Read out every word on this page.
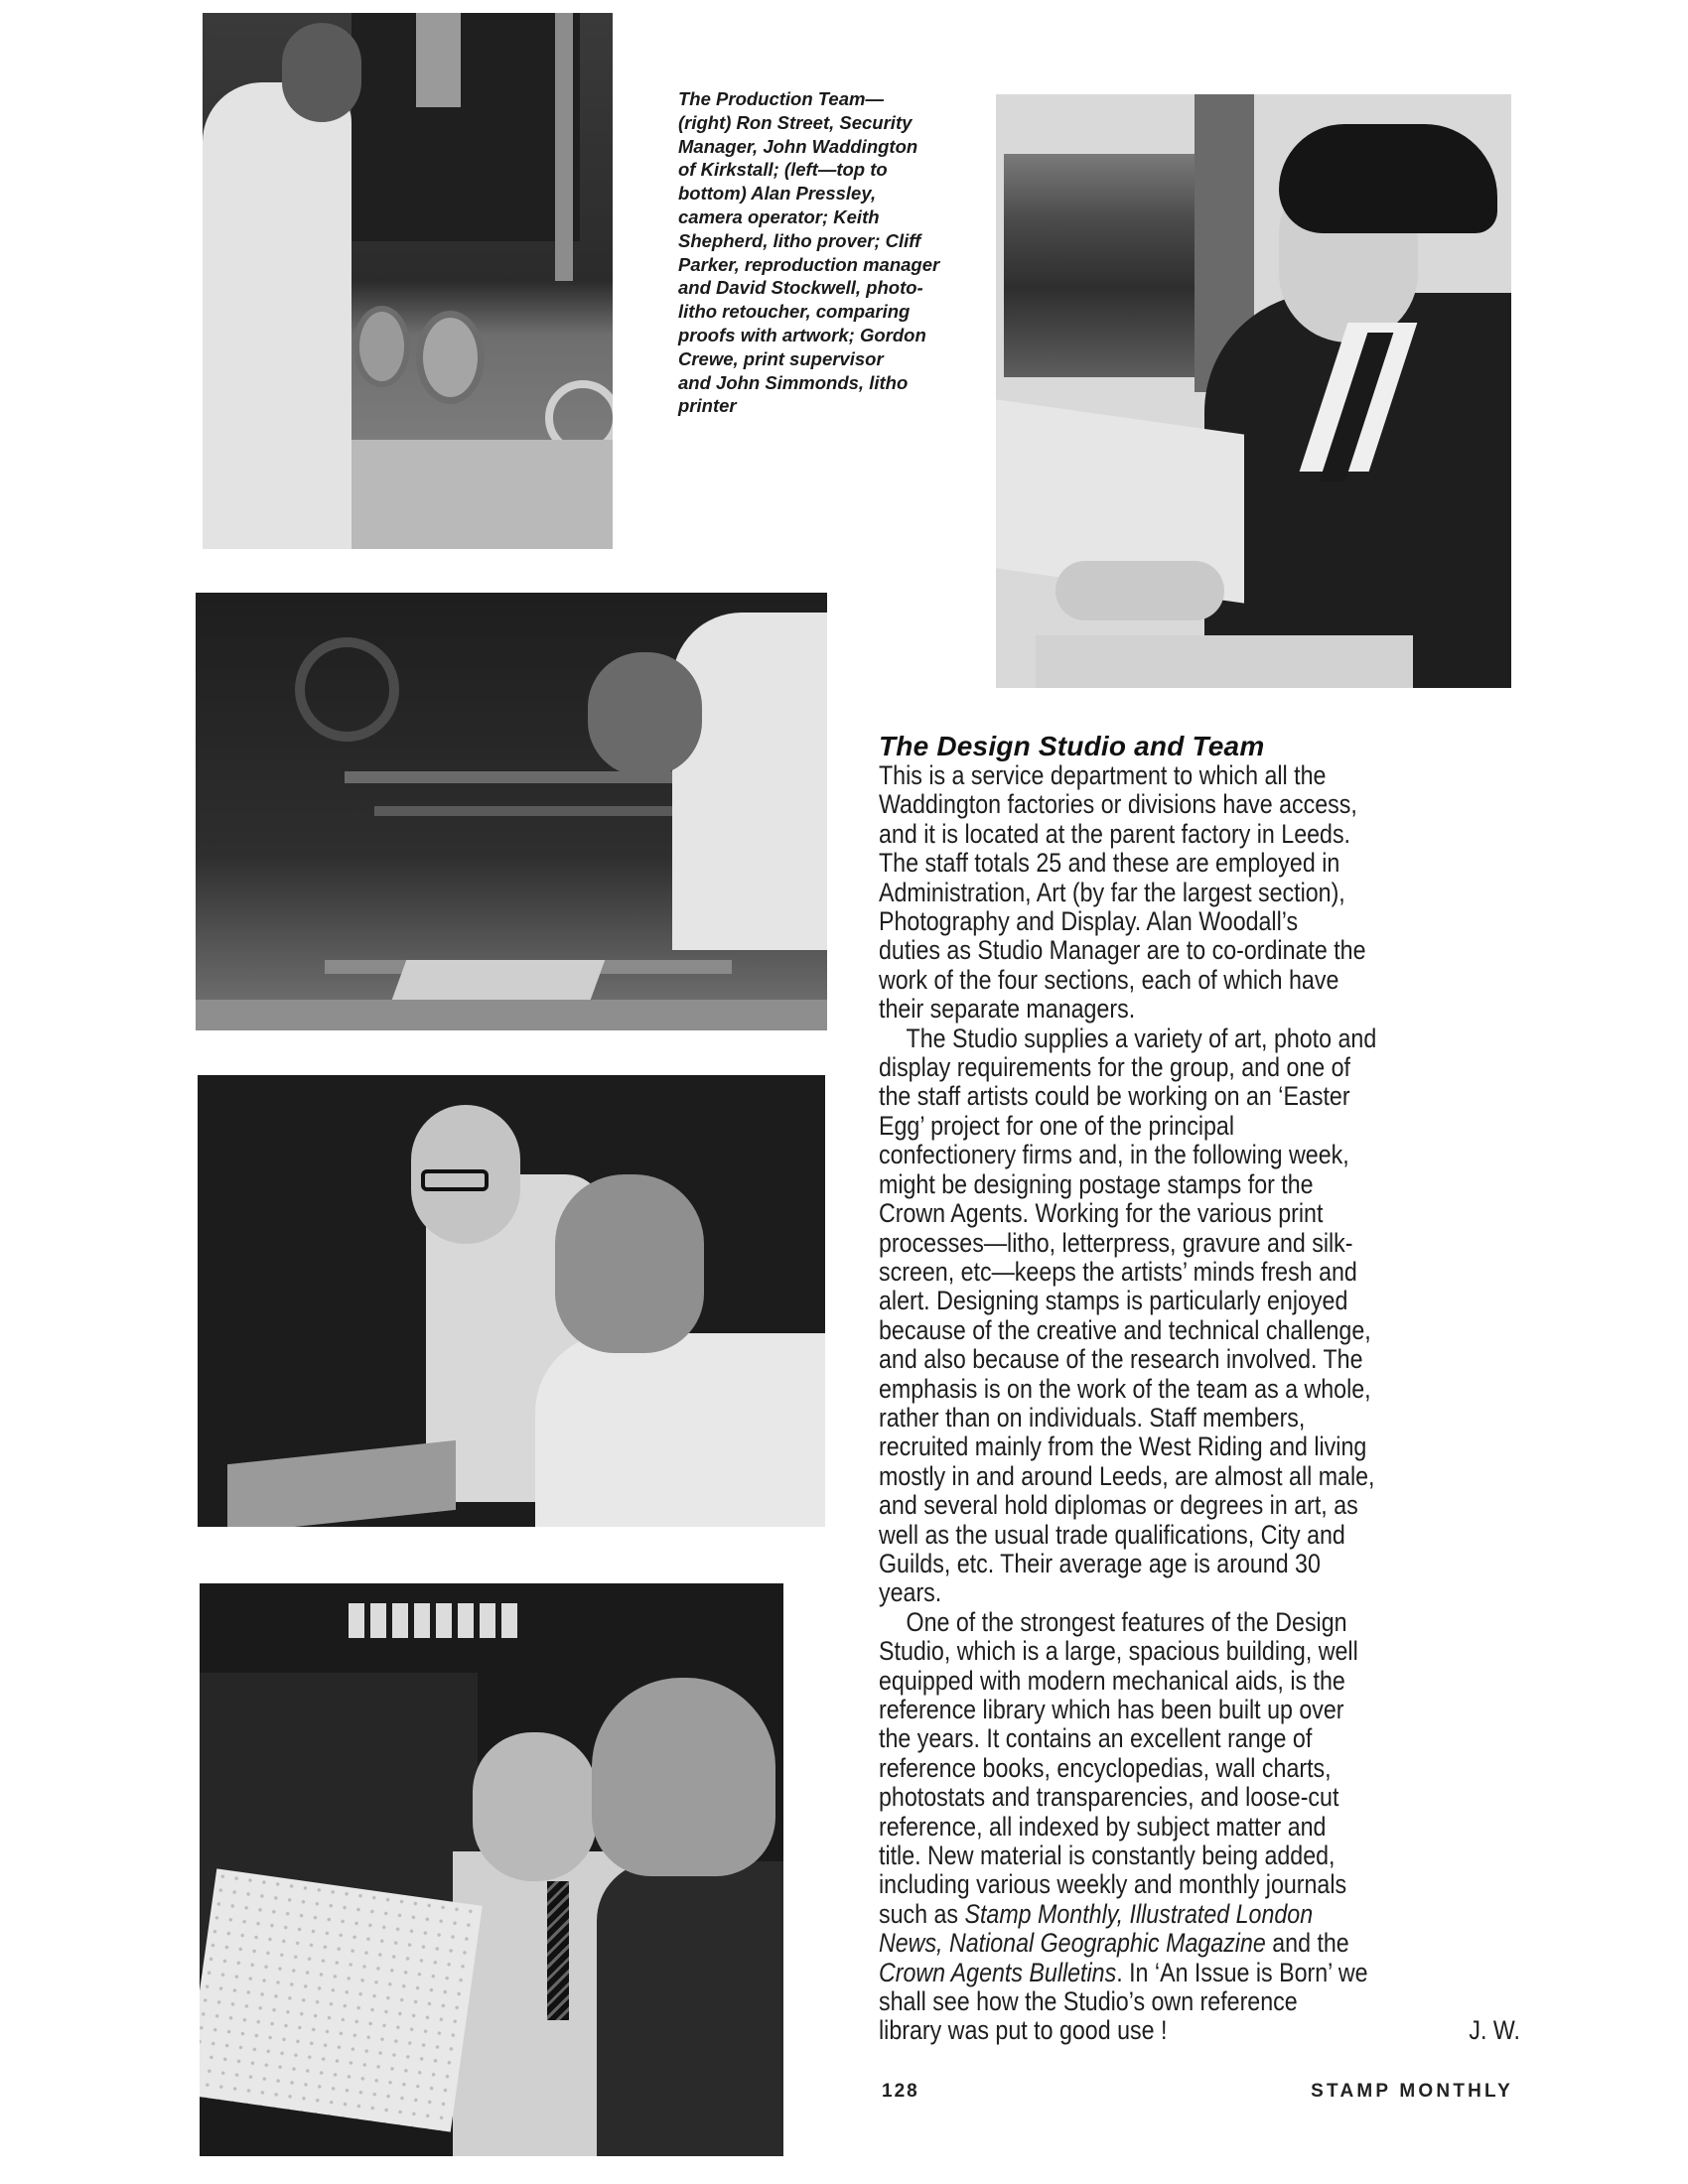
The Production Team—
(right) Ron Street, Security
Manager, John Waddington
of Kirkstall; (left—top to
bottom) Alan Pressley,
camera operator; Keith
Shepherd, litho prover; Cliff
Parker, reproduction manager
and David Stockwell, photo-
litho retoucher, comparing
proofs with artwork; Gordon
Crewe, print supervisor
and John Simmonds, litho
printer
The Design Studio and Team
This is a service department to which all the
Waddington factories or divisions have access,
and it is located at the parent factory in Leeds.
The staff totals 25 and these are employed in
Administration, Art (by far the largest section),
Photography and Display. Alan Woodall’s
duties as Studio Manager are to co-ordinate the
work of the four sections, each of which have
their separate managers.
The Studio supplies a variety of art, photo and
display requirements for the group, and one of
the staff artists could be working on an ‘Easter
Egg’ project for one of the principal
confectionery firms and, in the following week,
might be designing postage stamps for the
Crown Agents. Working for the various print
processes—litho, letterpress, gravure and silk-
screen, etc—keeps the artists’ minds fresh and
alert. Designing stamps is particularly enjoyed
because of the creative and technical challenge,
and also because of the research involved. The
emphasis is on the work of the team as a whole,
rather than on individuals. Staff members,
recruited mainly from the West Riding and living
mostly in and around Leeds, are almost all male,
and several hold diplomas or degrees in art, as
well as the usual trade qualifications, City and
Guilds, etc. Their average age is around 30
years.
One of the strongest features of the Design
Studio, which is a large, spacious building, well
equipped with modern mechanical aids, is the
reference library which has been built up over
the years. It contains an excellent range of
reference books, encyclopedias, wall charts,
photostats and transparencies, and loose-cut
reference, all indexed by subject matter and
title. New material is constantly being added,
including various weekly and monthly journals
such as Stamp Monthly, Illustrated London
News, National Geographic Magazine and the
Crown Agents Bulletins. In ‘An Issue is Born’ we
shall see how the Studio’s own reference
library was put to good use !	J. W.
128	STAMP MONTHLY
